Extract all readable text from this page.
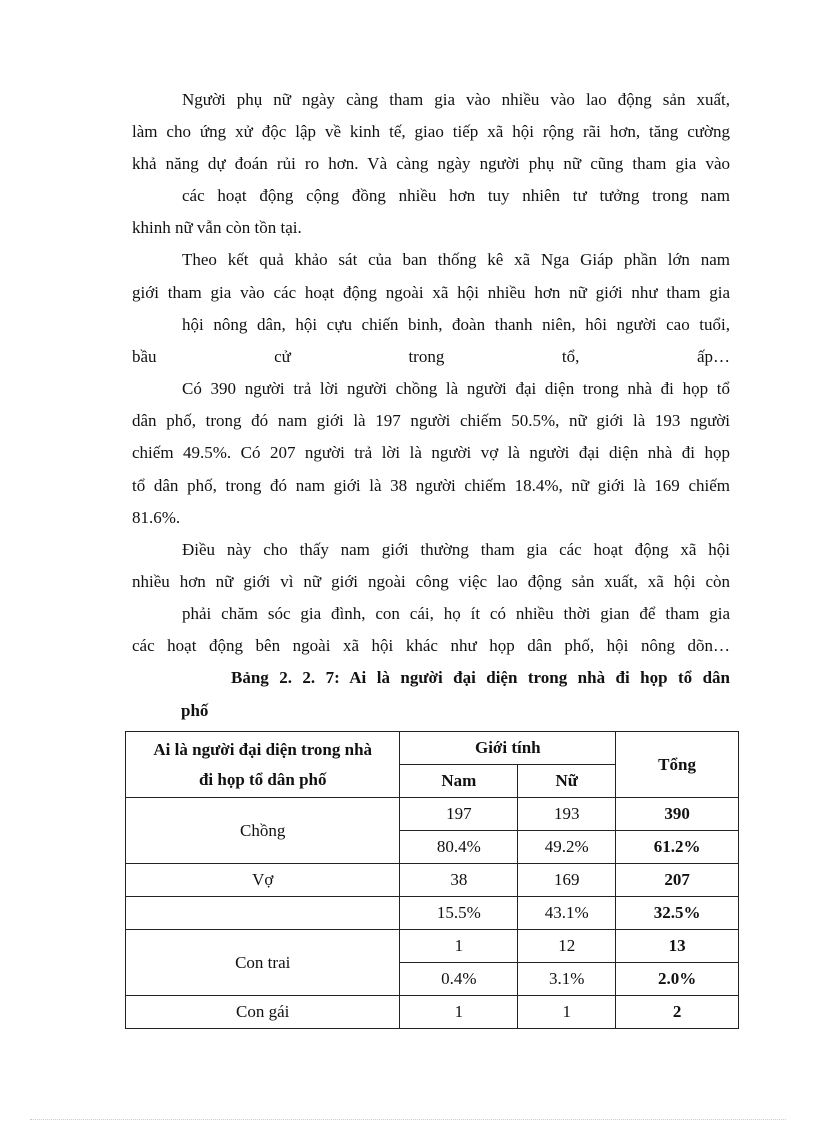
Người phụ nữ ngày càng tham gia vào nhiều vào lao động sản xuất,
làm cho ứng xử độc lập về kinh tế, giao tiếp xã hội rộng rãi hơn, tăng cường
khả năng dự đoán rủi ro hơn. Và càng ngày người phụ nữ cũng tham gia vào
các hoạt động cộng đồng nhiều hơn tuy nhiên tư tưởng trong nam
khinh nữ vẫn còn tồn tại.
Theo kết quả khảo sát của ban thống kê xã Nga Giáp phần lớn nam
giới tham gia vào các hoạt động ngoài xã hội nhiều hơn nữ giới như tham gia
hội nông dân, hội cựu chiến binh, đoàn thanh niên, hôi người cao tuổi,
bầu cử trong tổ, ấp…
Có 390 người trả lời người chồng là người đại diện trong nhà đi họp tổ
dân phố, trong đó nam giới là 197 người chiếm 50.5%, nữ giới là 193 người
chiếm 49.5%. Có 207 người trả lời là người vợ là người đại diện nhà đi họp
tổ dân phố, trong đó nam giới là 38 người chiếm 18.4%, nữ giới là 169 chiếm
81.6%.
Điều này cho thấy nam giới thường tham gia các hoạt động xã hội
nhiều hơn nữ giới vì nữ giới ngoài công việc lao động sản xuất, xã hội còn
phải chăm sóc gia đình, con cái, họ ít có nhiều thời gian để tham gia
các hoạt động bên ngoài xã hội khác như họp dân phố, hội nông dõn…
Bảng 2. 2. 7: Ai là người đại diện trong nhà đi họp tổ dân
phố
Ai là người đại diện trong nhà
đi họp tổ dân phố	Giới tính		Tổng
	Nam	Nữ	
Chồng	197	193	390
	80.4%	49.2%	61.2%
Vợ	38	169	207
	15.5%	43.1%	32.5%
Con trai	1	12	13
	0.4%	3.1%	2.0%
Con gái	1	1	2
